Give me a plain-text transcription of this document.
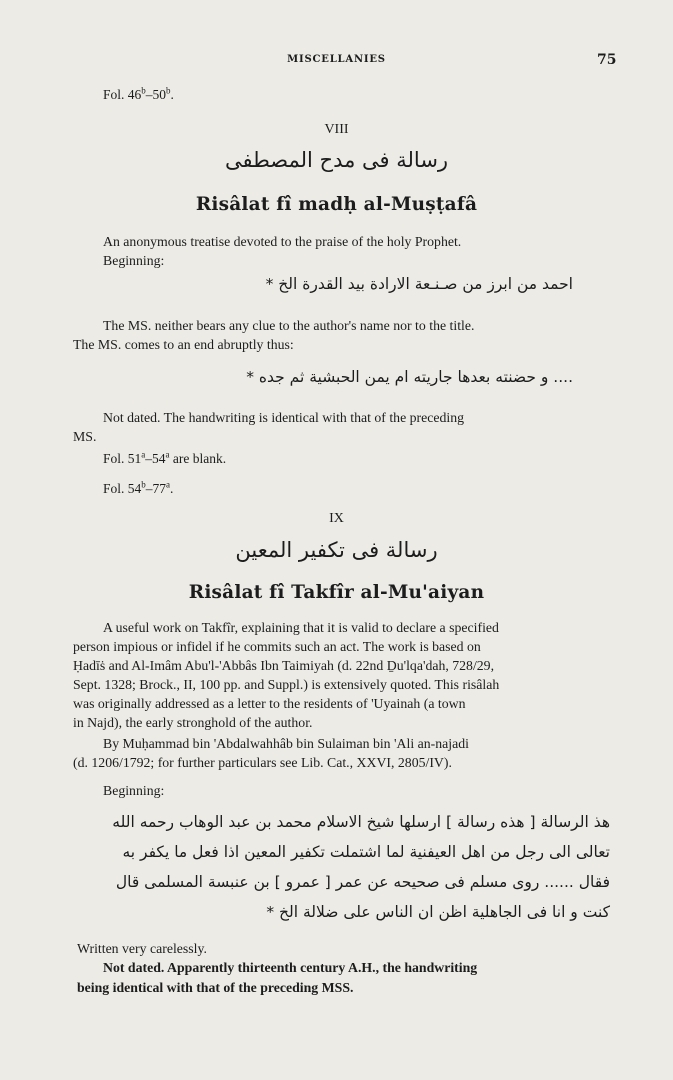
MISCELLANIES	75
Fol. 46$^b$–50$^b$.
VIII
رسالة فى مدح المصطفى
Risâlat fî madḥ al-Muṣṭafâ
An anonymous treatise devoted to the praise of the holy Prophet.
Beginning:
احمد من ابرز من صـنـعة الارادة بيد القدرة الخ *
The MS. neither bears any clue to the author's name nor to the title.
The MS. comes to an end abruptly thus:
.... و حضنته بعدها جاريته ام يمن الحبشية ثم جده *
Not dated. The handwriting is identical with that of the preceding
MS.
Fol. 51$^a$–54$^a$ are blank.
Fol. 54$^b$–77$^a$.
IX
رسالة فى تكفير المعين
Risâlat fî Takfîr al-Mu'aiyan
A useful work on Takfîr, explaining that it is valid to declare a specified
person impious or infidel if he commits such an act. The work is based on
Ḥadīṡ and Al-Imâm Abu'l-'Abbâs Ibn Taimiyah (d. 22nd Ḏu'lqa'dah, 728/29,
Sept. 1328; Brock., II, 100 pp. and Suppl.) is extensively quoted. This risâlah
was originally addressed as a letter to the residents of 'Uyainah (a town
in Najd), the early stronghold of the author.
By Muḥammad bin 'Abdalwahhâb bin Sulaiman bin 'Ali an-najadi
(d. 1206/1792; for further particulars see Lib. Cat., XXVI, 2805/IV).
Beginning:
هذ الرسالة [ هذه رسالة ] ارسلها شيخ الاسلام محمد بن عبد الوهاب رحمه الله
تعالى الى رجل من اهل العيفنية لما اشتملت تكفير المعين اذا فعل ما يكفر به
فقال ...... روى مسلم فى صحيحه عن عمر [ عمرو ] بن عنبسة المسلمى قال
كنت و انا فى الجاهلية اظن ان الناس على ضلالة الخ *
Written very carelessly.
Not dated. Apparently thirteenth century A.H., the handwriting
being identical with that of the preceding MSS.
